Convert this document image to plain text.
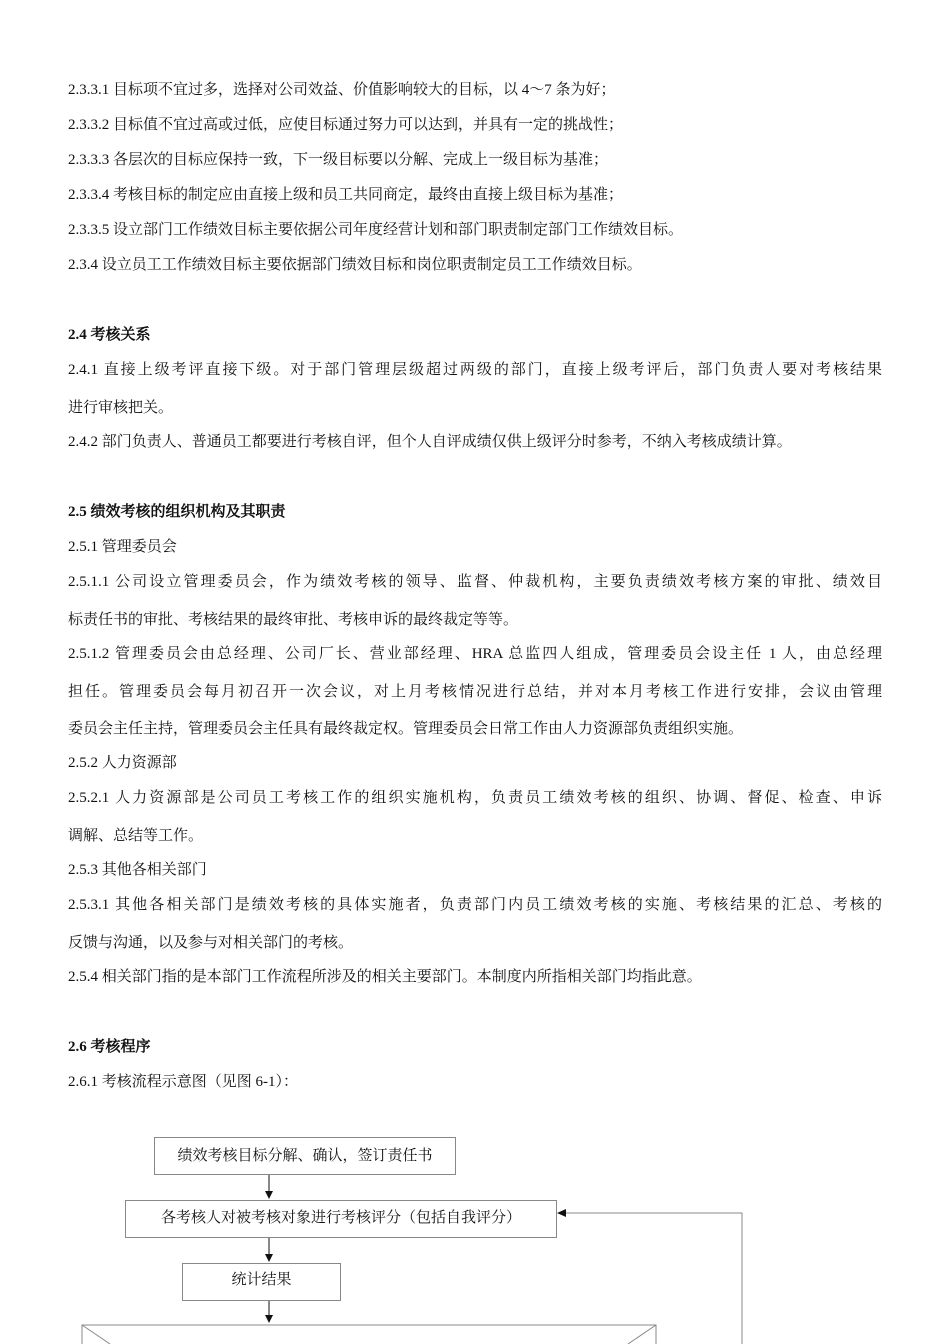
2.3.3.1 目标项不宜过多，选择对公司效益、价值影响较大的目标，以 4～7 条为好；
2.3.3.2 目标值不宜过高或过低，应使目标通过努力可以达到，并具有一定的挑战性；
2.3.3.3 各层次的目标应保持一致，下一级目标要以分解、完成上一级目标为基准；
2.3.3.4 考核目标的制定应由直接上级和员工共同商定，最终由直接上级目标为基准；
2.3.3.5 设立部门工作绩效目标主要依据公司年度经营计划和部门职责制定部门工作绩效目标。
2.3.4 设立员工工作绩效目标主要依据部门绩效目标和岗位职责制定员工工作绩效目标。
2.4 考核关系
2.4.1 直接上级考评直接下级。对于部门管理层级超过两级的部门，直接上级考评后，部门负责人要对考核结果
进行审核把关。
2.4.2 部门负责人、普通员工都要进行考核自评，但个人自评成绩仅供上级评分时参考，不纳入考核成绩计算。
2.5 绩效考核的组织机构及其职责
2.5.1 管理委员会
2.5.1.1 公司设立管理委员会，作为绩效考核的领导、监督、仲裁机构，主要负责绩效考核方案的审批、绩效目
标责任书的审批、考核结果的最终审批、考核申诉的最终裁定等等。
2.5.1.2 管理委员会由总经理、公司厂长、营业部经理、HRA 总监四人组成，管理委员会设主任 1 人，由总经理
担任。管理委员会每月初召开一次会议，对上月考核情况进行总结，并对本月考核工作进行安排，会议由管理
委员会主任主持，管理委员会主任具有最终裁定权。管理委员会日常工作由人力资源部负责组织实施。
2.5.2 人力资源部
2.5.2.1 人力资源部是公司员工考核工作的组织实施机构，负责员工绩效考核的组织、协调、督促、检查、申诉
调解、总结等工作。
2.5.3 其他各相关部门
2.5.3.1 其他各相关部门是绩效考核的具体实施者，负责部门内员工绩效考核的实施、考核结果的汇总、考核的
反馈与沟通，以及参与对相关部门的考核。
2.5.4 相关部门指的是本部门工作流程所涉及的相关主要部门。本制度内所指相关部门均指此意。
2.6 考核程序
2.6.1 考核流程示意图（见图 6-1）：
绩效考核目标分解、确认，签订责任书
各考核人对被考核对象进行考核评分（包括自我评分）
统计结果
